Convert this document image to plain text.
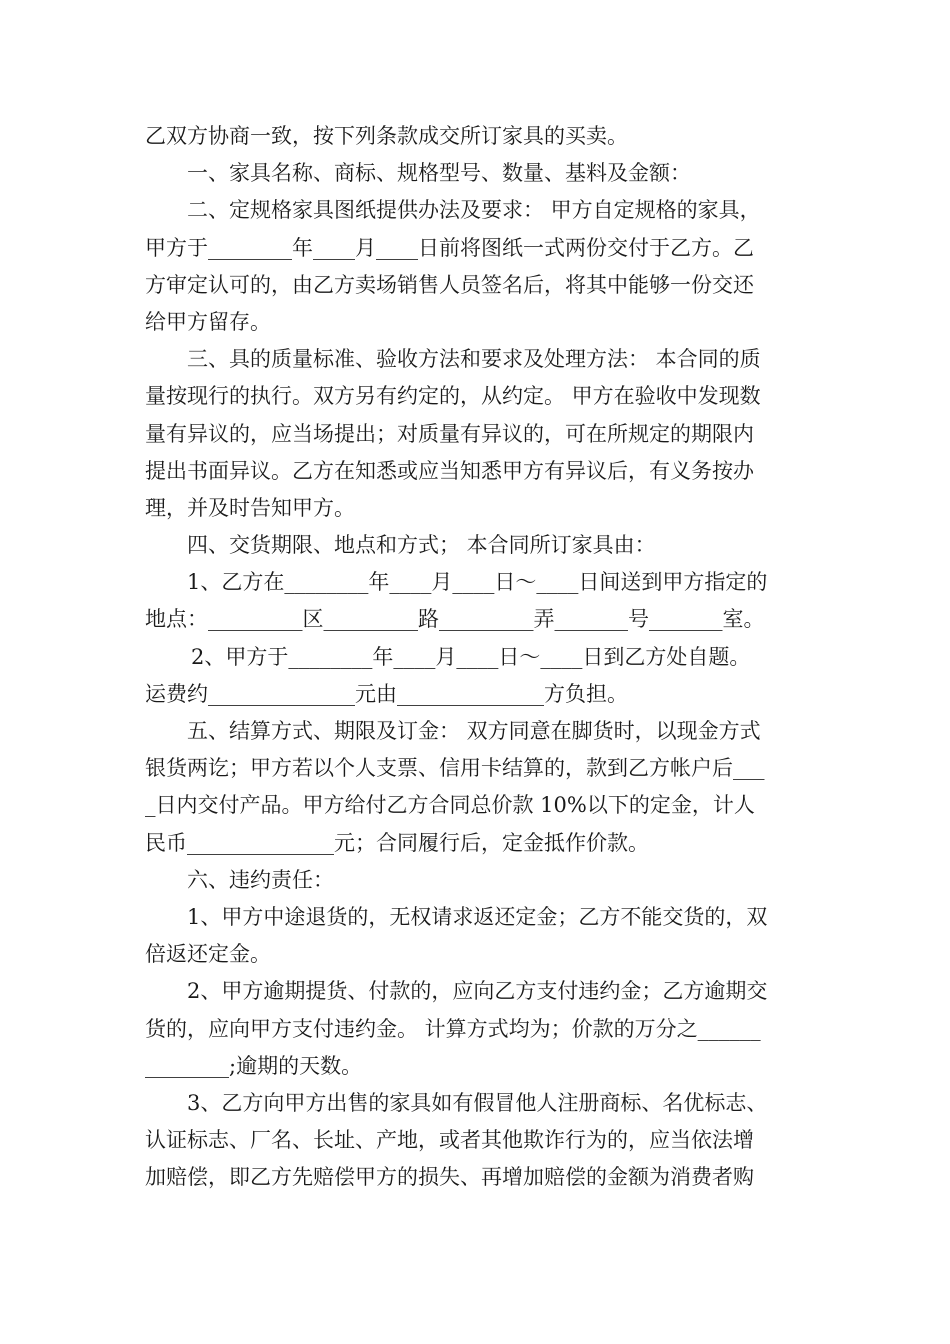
乙双方协商一致，按下列条款成交所订家具的买卖。
一、家具名称、商标、规格型号、数量、基料及金额：
二、定规格家具图纸提供办法及要求： 甲方自定规格的家具，
甲方于________年____月____日前将图纸一式两份交付于乙方。乙
方审定认可的，由乙方卖场销售人员签名后，将其中能够一份交还
给甲方留存。
三、具的质量标准、验收方法和要求及处理方法： 本合同的质
量按现行的执行。双方另有约定的，从约定。 甲方在验收中发现数
量有异议的，应当场提出；对质量有异议的，可在所规定的期限内
提出书面异议。乙方在知悉或应当知悉甲方有异议后，有义务按办
理，并及时告知甲方。
四、交货期限、地点和方式； 本合同所订家具由：
1、乙方在________年____月____日～____日间送到甲方指定的
地点：_________区_________路_________弄_______号_______室。
2、甲方于________年____月____日～____日到乙方处自题。
运费约______________元由______________方负担。
五、结算方式、期限及订金： 双方同意在脚货时，以现金方式
银货两讫；甲方若以个人支票、信用卡结算的，款到乙方帐户后___
_日内交付产品。甲方给付乙方合同总价款 10%以下的定金，计人
民币______________元；合同履行后，定金抵作价款。
六、违约责任：
1、甲方中途退货的，无权请求返还定金；乙方不能交货的，双
倍返还定金。
2、甲方逾期提货、付款的，应向乙方支付违约金；乙方逾期交
货的，应向甲方支付违约金。 计算方式均为；价款的万分之______
________;逾期的天数。
3、乙方向甲方出售的家具如有假冒他人注册商标、名优标志、
认证标志、厂名、长址、产地，或者其他欺诈行为的，应当依法增
加赔偿，即乙方先赔偿甲方的损失、再增加赔偿的金额为消费者购
